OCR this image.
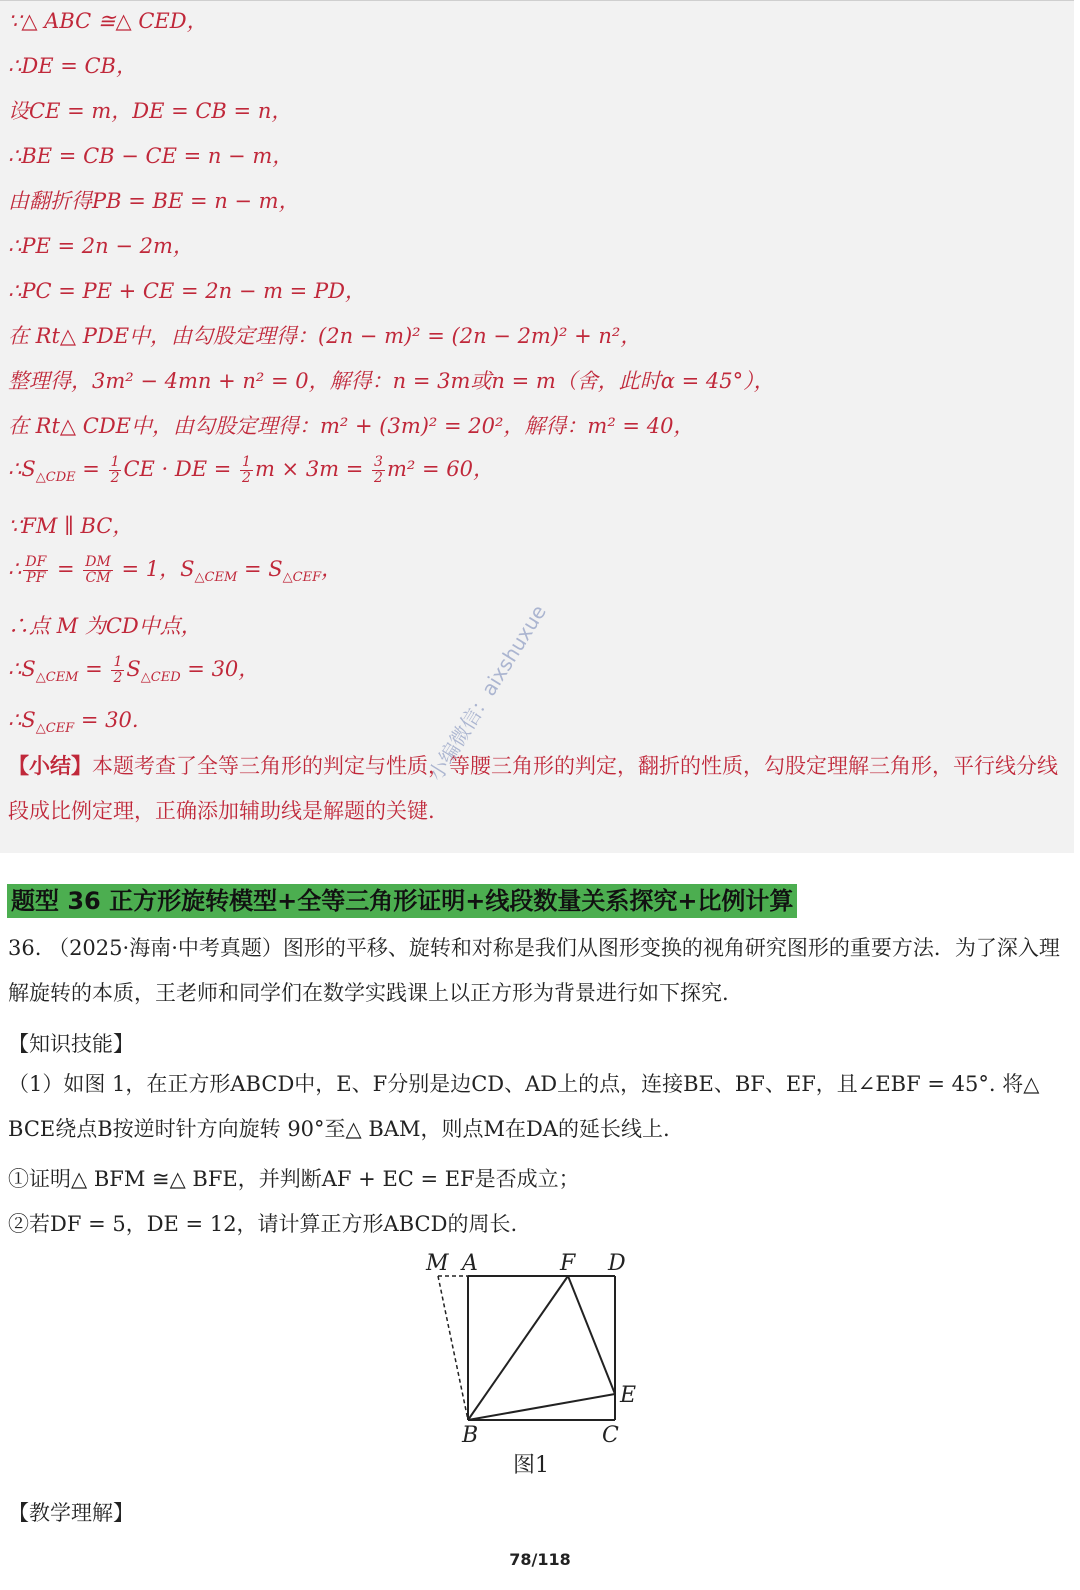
∵△ ABC ≅△ CED，
∴DE = CB，
设CE = m，DE = CB = n，
∴BE = CB − CE = n − m，
由翻折得PB = BE = n − m，
∴PE = 2n − 2m，
∴PC = PE + CE = 2n − m = PD，
在 Rt△ PDE中，由勾股定理得：(2n − m)² = (2n − 2m)² + n²，
整理得，3m² − 4mn + n² = 0，解得：n = 3m或n = m（舍，此时α = 45°），
在 Rt△ CDE中，由勾股定理得：m² + (3m)² = 20²，解得：m² = 40，
$\therefore S_{\triangle CDE} = \frac{1}{2}$ CE · DE = $\frac{1}{2}$ $m \times 3m = \frac{3}{2} m^2 = 60$，
∵FM ∥ BC，
∴ $\frac{DF}{PF} = \frac{DM}{CM} = 1$，$S_{\triangle CEM} = S_{\triangle CEF}$，
∴点 M 为CD中点，
$\therefore S_{\triangle CEM} = \frac{1}{2} S_{\triangle CED} = 30$，
$\therefore S_{\triangle CEF} = 30$.
【小结】本题考查了全等三角形的判定与性质，等腰三角形的判定，翻折的性质，勾股定理解三角形，平行线分线段成比例定理，正确添加辅助线是解题的关键.
小编微信：aixshuxue
题型 36 正方形旋转模型+全等三角形证明+线段数量关系探究+比例计算
36. （2025·海南·中考真题）图形的平移、旋转和对称是我们从图形变换的视角研究图形的重要方法．为了深入理解旋转的本质，王老师和同学们在数学实践课上以正方形为背景进行如下探究.
【知识技能】
（1）如图 1，在正方形ABCD中，E、F分别是边CD、AD上的点，连接BE、BF、EF，且∠EBF = 45°. 将△ BCE绕点B按逆时针方向旋转 90°至△ BAM，则点M在DA的延长线上.
①证明△ BFM ≅△ BFE，并判断AF + EC = EF是否成立；
②若DF = 5，DE = 12，请计算正方形ABCD的周长.
M A	F D
E
B	C
图1
【教学理解】
78/118
